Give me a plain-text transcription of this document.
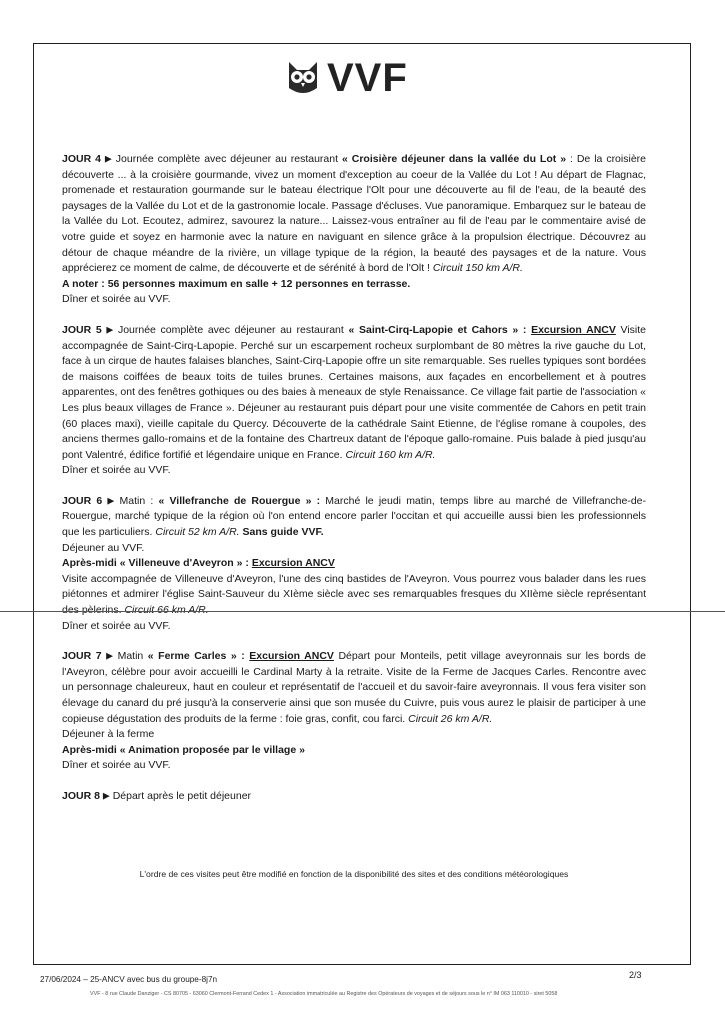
VVF

JOUR 4 ▶ Journée complète avec déjeuner au restaurant « Croisière déjeuner dans la vallée du Lot » : De la croisière découverte ... à la croisière gourmande, vivez un moment d'exception au coeur de la Vallée du Lot ! Au départ de Flagnac, promenade et restauration gourmande sur le bateau électrique l'Olt pour une découverte au fil de l'eau, de la beauté des paysages de la Vallée du Lot et de la gastronomie locale. Passage d'écluses. Vue panoramique. Embarquez sur le bateau de la Vallée du Lot. Ecoutez, admirez, savourez la nature... Laissez-vous entraîner au fil de l'eau par le commentaire avisé de votre guide et soyez en harmonie avec la nature en naviguant en silence grâce à la propulsion électrique. Découvrez au détour de chaque méandre de la rivière, un village typique de la région, la beauté des paysages et de la nature. Vous apprécierez ce moment de calme, de découverte et de sérénité à bord de l'Olt ! Circuit 150 km A/R.

A noter : 56 personnes maximum en salle + 12 personnes en terrasse.

Dîner et soirée au VVF.

JOUR 5 ▶ Journée complète avec déjeuner au restaurant « Saint-Cirq-Lapopie et Cahors » : Excursion ANCV Visite accompagnée de Saint-Cirq-Lapopie. Perché sur un escarpement rocheux surplombant de 80 mètres la rive gauche du Lot, face à un cirque de hautes falaises blanches, Saint-Cirq-Lapopie offre un site remarquable. Ses ruelles typiques sont bordées de maisons coiffées de beaux toits de tuiles brunes. Certaines maisons, aux façades en encorbellement et à poutres apparentes, ont des fenêtres gothiques ou des baies à meneaux de style Renaissance. Ce village fait partie de l'association « Les plus beaux villages de France ». Déjeuner au restaurant puis départ pour une visite commentée de Cahors en petit train (60 places maxi), vieille capitale du Quercy. Découverte de la cathédrale Saint Etienne, de l'église romane à coupoles, des anciens thermes gallo-romains et de la fontaine des Chartreux datant de l'époque gallo-romaine. Puis balade à pied jusqu'au pont Valentré, édifice fortifié et légendaire unique en France. Circuit 160 km A/R.

Dîner et soirée au VVF.

JOUR 6 ▶ Matin : « Villefranche de Rouergue » : Marché le jeudi matin, temps libre au marché de Villefranche-de-Rouergue, marché typique de la région où l'on entend encore parler l'occitan et qui accueille aussi bien les professionnels que les particuliers. Circuit 52 km A/R. Sans guide VVF.

Déjeuner au VVF.

Après-midi « Villeneuve d'Aveyron » : Excursion ANCV

Visite accompagnée de Villeneuve d'Aveyron, l'une des cinq bastides de l'Aveyron. Vous pourrez vous balader dans les rues piétonnes et admirer l'église Saint-Sauveur du XIème siècle avec ses remarquables fresques du XIIème siècle représentant

Dîner et soirée au VVF.

JOUR 7 ▶ Matin « Ferme Carles » : Excursion ANCV Départ pour Monteils, petit village aveyronnais sur les bords de l'Aveyron, célèbre pour avoir accueilli le Cardinal Marty à la retraite. Visite de la Ferme de Jacques Carles. Rencontre avec un personnage chaleureux, haut en couleur et représentatif de l'accueil et du savoir-faire aveyronnais. Il vous fera visiter son élevage du canard du pré jusqu'à la conserverie ainsi que son musée du Cuivre, puis vous aurez le plaisir de participer à une copieuse dégustation des produits de la ferme : foie gras, confit, cou farci. Circuit 26 km A/R.

Déjeuner à la ferme

Après-midi « Animation proposée par le village »

Dîner et soirée au VVF.

JOUR 8 ▶ Départ après le petit déjeuner

L'ordre de ces visites peut être modifié en fonction de la disponibilité des sites et des conditions météorologiques
27/06/2024 – 25-ANCV avec bus du groupe-8j7n	2/3
VVF - 8 rue Claude Danziger - CS 80705 - 63060 Clermont-Ferrand Cedex 1 - Association immatriculée au Registre des Opérateurs de voyages et de séjours sous le n° IM 063 110010 - siret 5058
